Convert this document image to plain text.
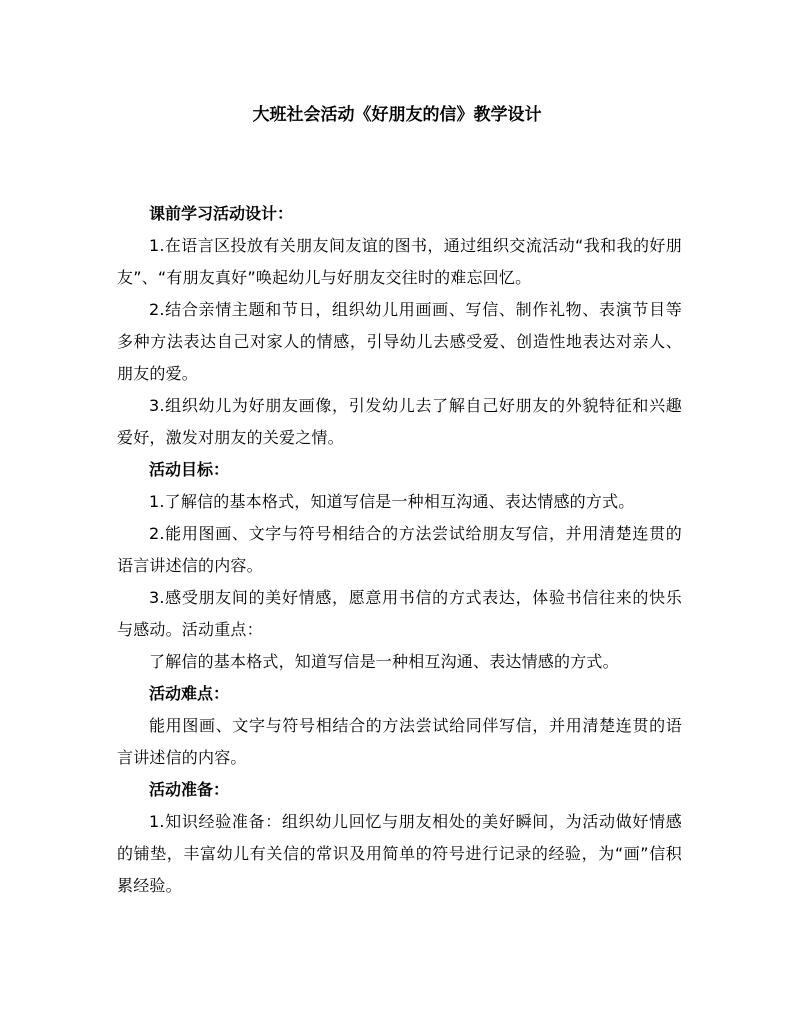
大班社会活动《好朋友的信》教学设计
课前学习活动设计：

1.在语言区投放有关朋友间友谊的图书，通过组织交流活动“我和我的好朋友”、“有朋友真好”唤起幼儿与好朋友交往时的难忘回忆。

2.结合亲情主题和节日，组织幼儿用画画、写信、制作礼物、表演节目等多种方法表达自己对家人的情感，引导幼儿去感受爱、创造性地表达对亲人、朋友的爱。

3.组织幼儿为好朋友画像，引发幼儿去了解自己好朋友的外貌特征和兴趣爱好，激发对朋友的关爱之情。

活动目标：

1.了解信的基本格式，知道写信是一种相互沟通、表达情感的方式。

2.能用图画、文字与符号相结合的方法尝试给朋友写信，并用清楚连贯的语言讲述信的内容。

3.感受朋友间的美好情感，愿意用书信的方式表达，体验书信往来的快乐与感动。活动重点：

了解信的基本格式，知道写信是一种相互沟通、表达情感的方式。

活动难点：

能用图画、文字与符号相结合的方法尝试给同伴写信，并用清楚连贯的语言讲述信的内容。

活动准备：

1.知识经验准备：组织幼儿回忆与朋友相处的美好瞬间，为活动做好情感的铺垫，丰富幼儿有关信的常识及用简单的符号进行记录的经验，为“画”信积累经验。
